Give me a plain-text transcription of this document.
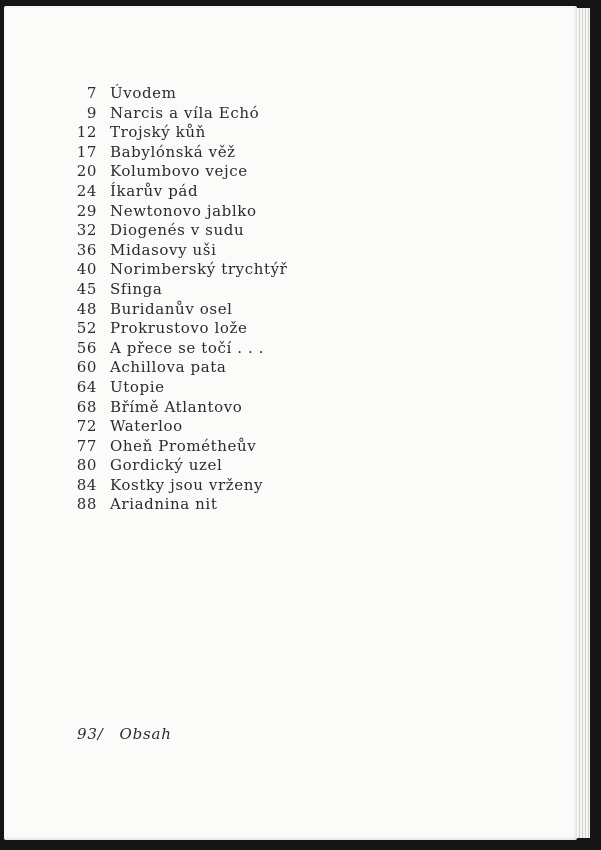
7 Úvodem
9 Narcis a víla Echó
12 Trojský kůň
17 Babylónská věž
20 Kolumbovo vejce
24 Íkarův pád
29 Newtonovo jablko
32 Diogenés v sudu
36 Midasovy uši
40 Norimberský trychtýř
45 Sfinga
48 Buridanův osel
52 Prokrustovo lože
56 A přece se točí . . .
60 Achillova pata
64 Utopie
68 Břímě Atlantovo
72 Waterloo
77 Oheň Prométheův
80 Gordický uzel
84 Kostky jsou vrženy
88 Ariadnina nit
93/ Obsah
